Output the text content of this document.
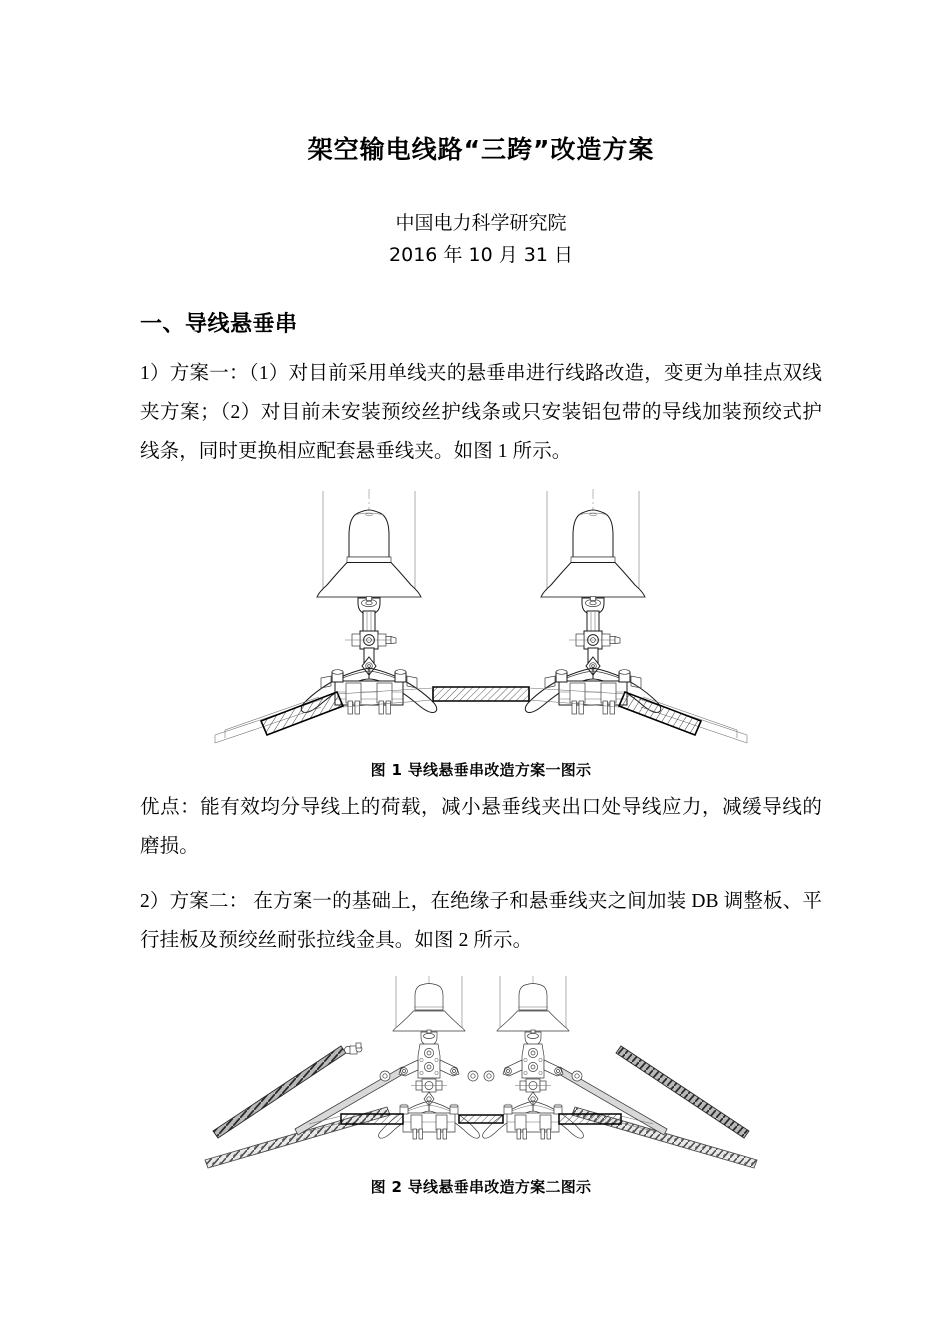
架空输电线路“三跨”改造方案
中国电力科学研究院
2016 年 10 月 31 日
一、导线悬垂串

1）方案一：（1）对目前采用单线夹的悬垂串进行线路改造，变更为单挂点双线夹方案；（2）对目前未安装预绞丝护线条或只安装铝包带的导线加装预绞式护线条，同时更换相应配套悬垂线夹。如图 1 所示。

图 1 导线悬垂串改造方案一图示

优点：能有效均分导线上的荷载，减小悬垂线夹出口处导线应力，减缓导线的磨损。

2）方案二： 在方案一的基础上，在绝缘子和悬垂线夹之间加装 DB 调整板、平行挂板及预绞丝耐张拉线金具。如图 2 所示。

图 2 导线悬垂串改造方案二图示
